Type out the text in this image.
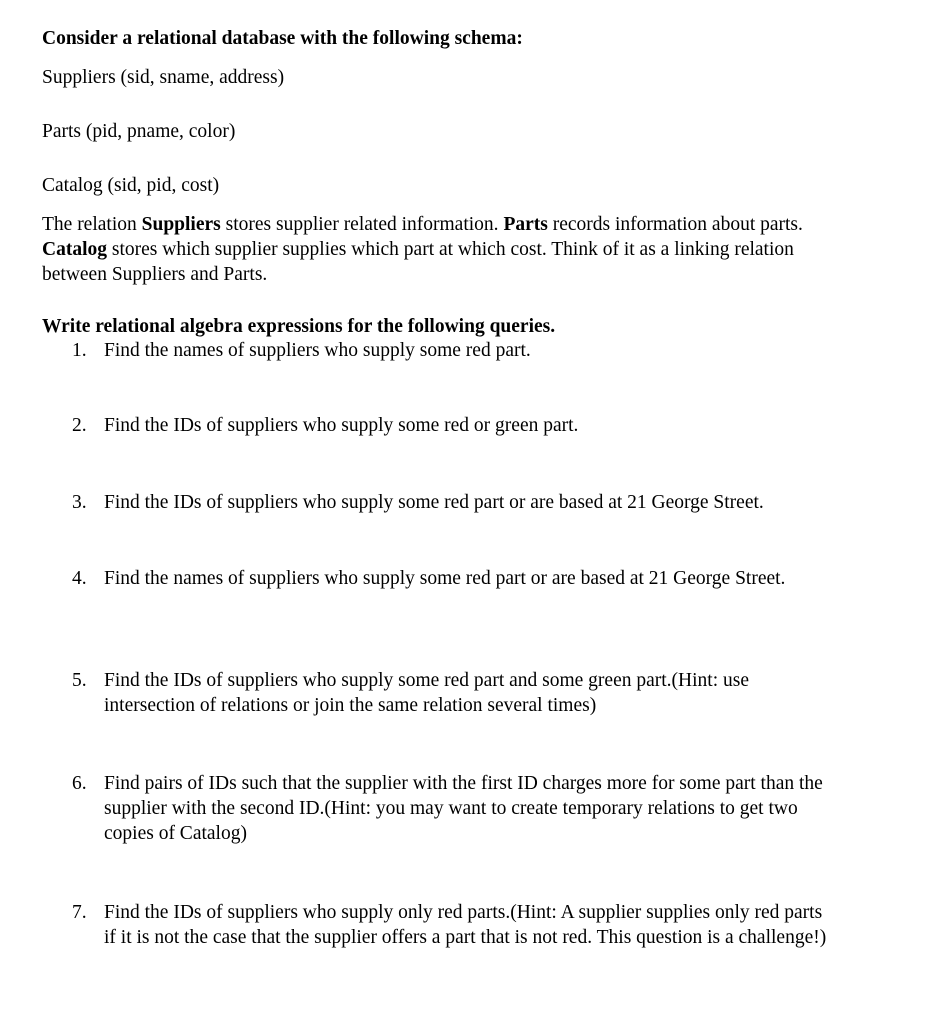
Consider a relational database with the following schema:

Suppliers (sid, sname, address)

Parts (pid, pname, color)

Catalog (sid, pid, cost)

The relation Suppliers stores supplier related information. Parts records information about parts. Catalog stores which supplier supplies which part at which cost. Think of it as a linking relation between Suppliers and Parts.

Write relational algebra expressions for the following queries.

1. Find the names of suppliers who supply some red part.
2. Find the IDs of suppliers who supply some red or green part.
3. Find the IDs of suppliers who supply some red part or are based at 21 George Street.
4. Find the names of suppliers who supply some red part or are based at 21 George Street.
5. Find the IDs of suppliers who supply some red part and some green part.(Hint: use intersection of relations or join the same relation several times)
6. Find pairs of IDs such that the supplier with the first ID charges more for some part than the supplier with the second ID.(Hint: you may want to create temporary relations to get two copies of Catalog)
7. Find the IDs of suppliers who supply only red parts.(Hint: A supplier supplies only red parts if it is not the case that the supplier offers a part that is not red. This question is a challenge!)
